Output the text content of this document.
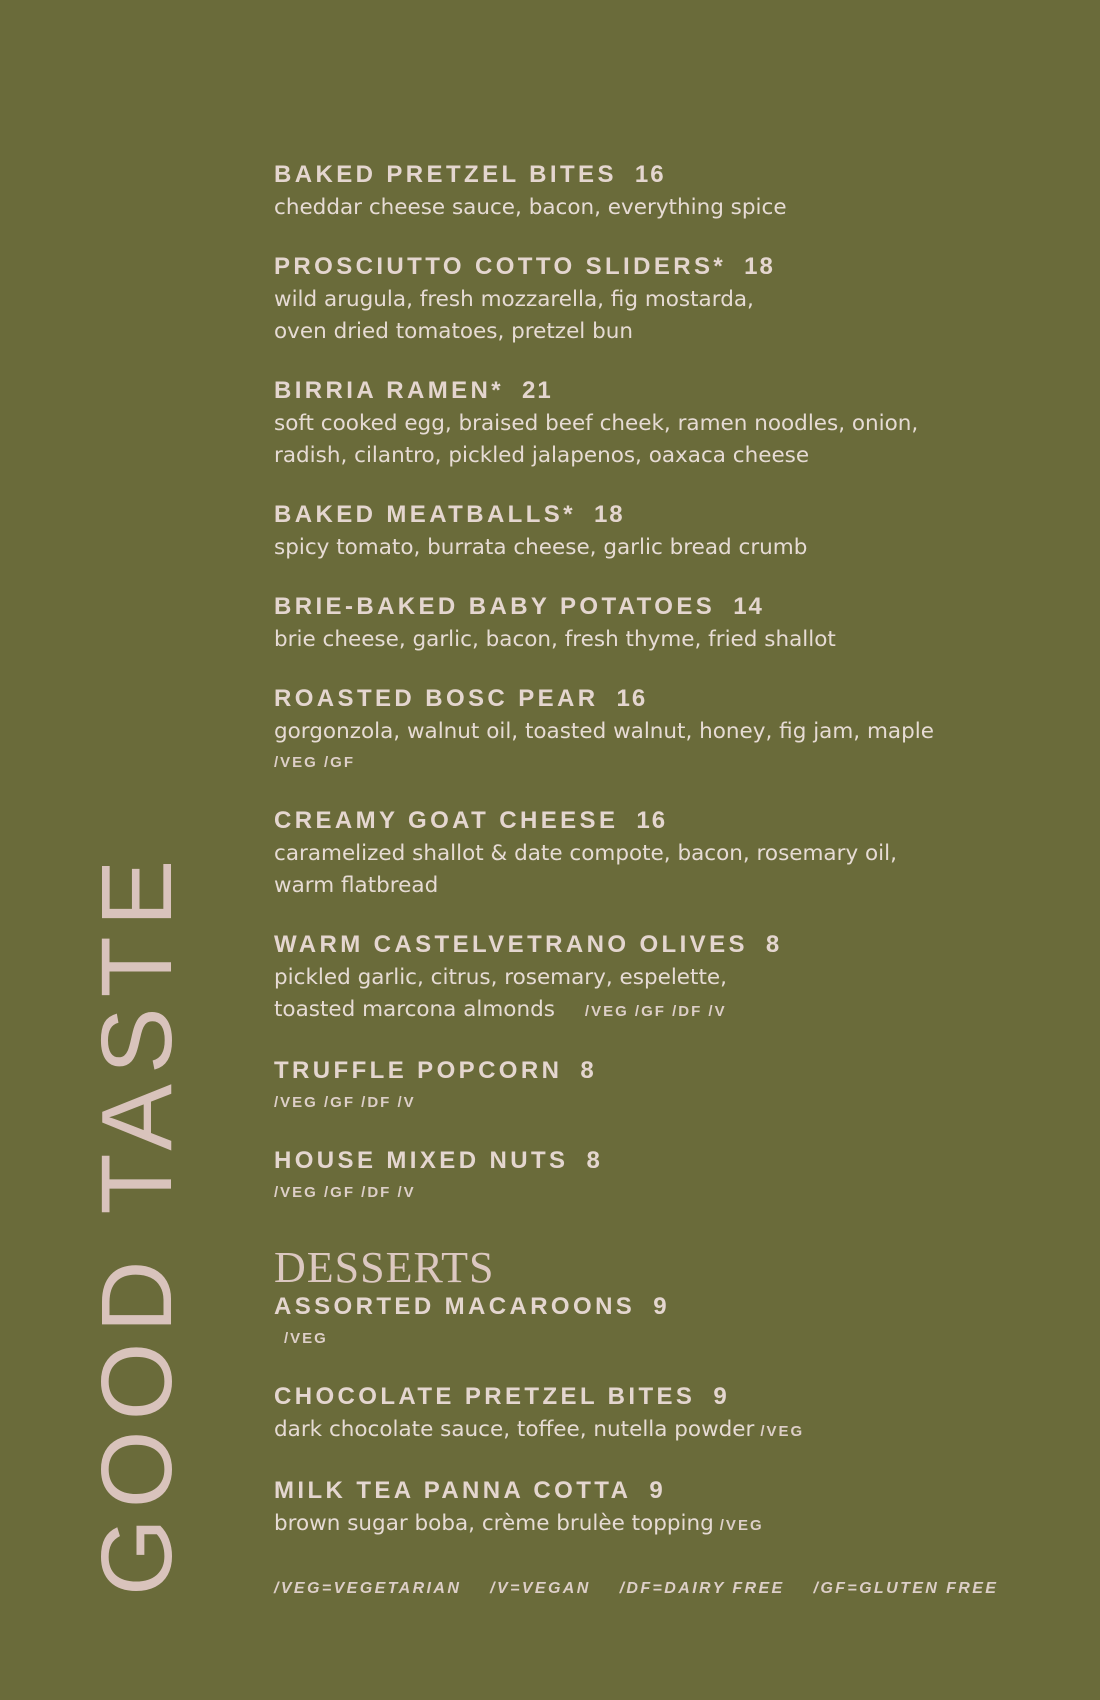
GOOD TASTE
BAKED PRETZEL BITES 16
cheddar cheese sauce, bacon, everything spice
PROSCIUTTO COTTO SLIDERS* 18
wild arugula, fresh mozzarella, fig mostarda,
oven dried tomatoes, pretzel bun
BIRRIA RAMEN* 21
soft cooked egg, braised beef cheek, ramen noodles, onion,
radish, cilantro, pickled jalapenos, oaxaca cheese
BAKED MEATBALLS* 18
spicy tomato, burrata cheese, garlic bread crumb
BRIE-BAKED BABY POTATOES 14
brie cheese, garlic, bacon, fresh thyme, fried shallot
ROASTED BOSC PEAR 16
gorgonzola, walnut oil, toasted walnut, honey, fig jam, maple
/VEG /GF
CREAMY GOAT CHEESE 16
caramelized shallot & date compote, bacon, rosemary oil,
warm flatbread
WARM CASTELVETRANO OLIVES 8
pickled garlic, citrus, rosemary, espelette,
toasted marcona almonds /VEG /GF /DF /V
TRUFFLE POPCORN 8
/VEG /GF /DF /V
HOUSE MIXED NUTS 8
/VEG /GF /DF /V
DESSERTS
ASSORTED MACAROONS 9
/VEG
CHOCOLATE PRETZEL BITES 9
dark chocolate sauce, toffee, nutella powder /VEG
MILK TEA PANNA COTTA 9
brown sugar boba, crème brulèe topping /VEG
/VEG=VEGETARIAN /V=VEGAN /DF=DAIRY FREE /GF=GLUTEN FREE
